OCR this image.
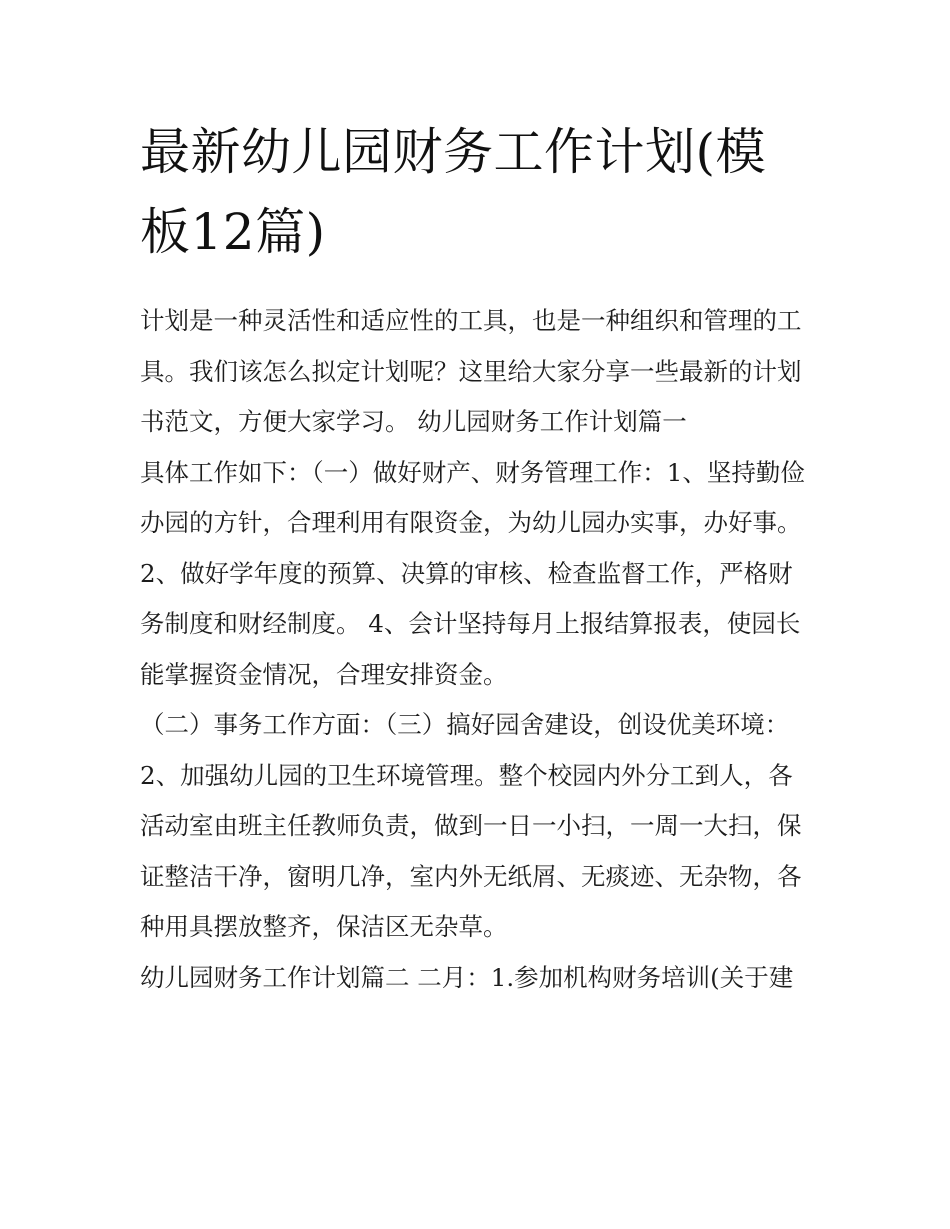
最新幼儿园财务工作计划(模板12篇)

计划是一种灵活性和适应性的工具，也是一种组织和管理的工具。我们该怎么拟定计划呢？这里给大家分享一些最新的计划书范文，方便大家学习。 幼儿园财务工作计划篇一

具体工作如下：（一）做好财产、财务管理工作：1、坚持勤俭办园的方针，合理利用有限资金，为幼儿园办实事，办好事。

2、做好学年度的预算、决算的审核、检查监督工作，严格财务制度和财经制度。 4、会计坚持每月上报结算报表，使园长能掌握资金情况，合理安排资金。

（二）事务工作方面：（三）搞好园舍建设，创设优美环境：

2、加强幼儿园的卫生环境管理。整个校园内外分工到人，各活动室由班主任教师负责，做到一日一小扫，一周一大扫，保证整洁干净，窗明几净，室内外无纸屑、无痰迹、无杂物，各种用具摆放整齐，保洁区无杂草。

幼儿园财务工作计划篇二 二月：1.参加机构财务培训(关于建
